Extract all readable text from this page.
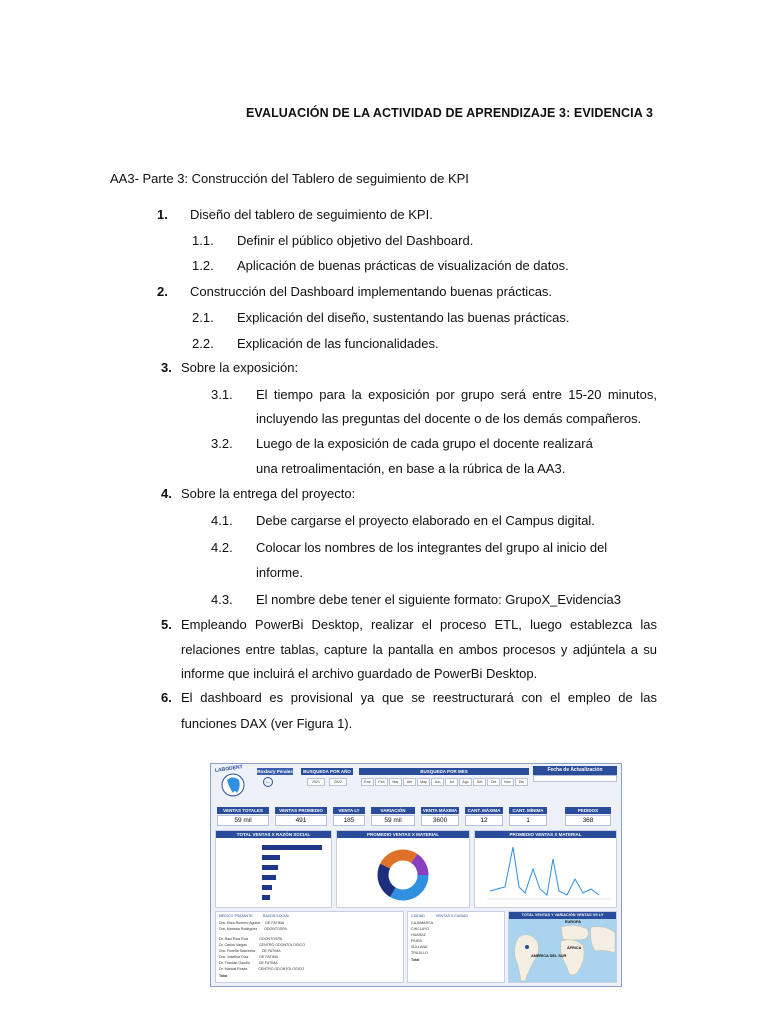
EVALUACIÓN DE LA ACTIVIDAD DE APRENDIZAJE 3: EVIDENCIA 3
AA3- Parte 3: Construcción del Tablero de seguimiento de KPI
1. Diseño del tablero de seguimiento de KPI.
1.1. Definir el público objetivo del Dashboard.
1.2. Aplicación de buenas prácticas de visualización de datos.
2. Construcción del Dashboard implementando buenas prácticas.
2.1. Explicación del diseño, sustentando las buenas prácticas.
2.2. Explicación de las funcionalidades.
3. Sobre la exposición:
3.1. El tiempo para la exposición por grupo será entre 15-20 minutos,
incluyendo las preguntas del docente o de los demás compañeros.
3.2. Luego de la exposición de cada grupo el docente realizará
una retroalimentación, en base a la rúbrica de la AA3.
4. Sobre la entrega del proyecto:
4.1. Debe cargarse el proyecto elaborado en el Campus digital.
4.2. Colocar los nombres de los integrantes del grupo al inicio del
informe.
4.3. El nombre debe tener el siguiente formato: GrupoX_Evidencia3
5. Empleando PowerBi Desktop, realizar el proceso ETL, luego establezca las
relaciones entre tablas, capture la pantalla en ambos procesos y adjúntela a su
informe que incluirá el archivo guardado de PowerBi Desktop.
6. El dashboard es provisional ya que se reestructurará con el empleo de las
funciones DAX (ver Figura 1).
LABODENT	Roxbury Perales
←
BUSQUEDA POR AÑO
2021	2022
BUSQUEDA POR MES
Ene	Feb	Mar	Abr	May	Jun	Jul	Ago	Set	Oct	Nov	Dic
Fecha de Actualización
VENTAS TOTALES
59 mil
VENTAS PROMEDIO
491
VENTA LY
185
VARIACIÓN
59 mil
VENTA MÁXIMA
3600
CANT. MÁXIMA
12
CANT. MÍNIMA
1
PEDIDOS
368
TOTAL VENTAS X RAZÓN SOCIAL	PROMEDIO VENTAS X MATERIAL	PROMEDIO VENTAS X MATERIAL
MEDICO TRATANTE          RAZON SOCIAL
Dra. Eliza Romero Aguilar     DE FATIMA
Dra. Mariana Rodriguez       ODONTOSPA
Dr. Raul Rios Ruiz           ODONTOSPA
Dr. Carlos Vargas            CENTRO ODONTOLOGICO
Dra. Fiorella Saavedra       DE FATIMA
Dra. Josefina Diaz           DE FATIMA
Dr. Franklin Gaudio         DE FATIMA
Dr. Marcial Rosas           CENTRO ODONTOLOGICO
Total
CIUDAD           VENTAS X CIUDAD
CAJAMARCA
CHICLAYO
HUARAZ
PIURA
SULLANA
TRUJILLO
Total
TOTAL VENTAS Y VARIACIÓN VENTAS VS LY
EUROPA
ÁFRICA
AMÉRICA DEL SUR
